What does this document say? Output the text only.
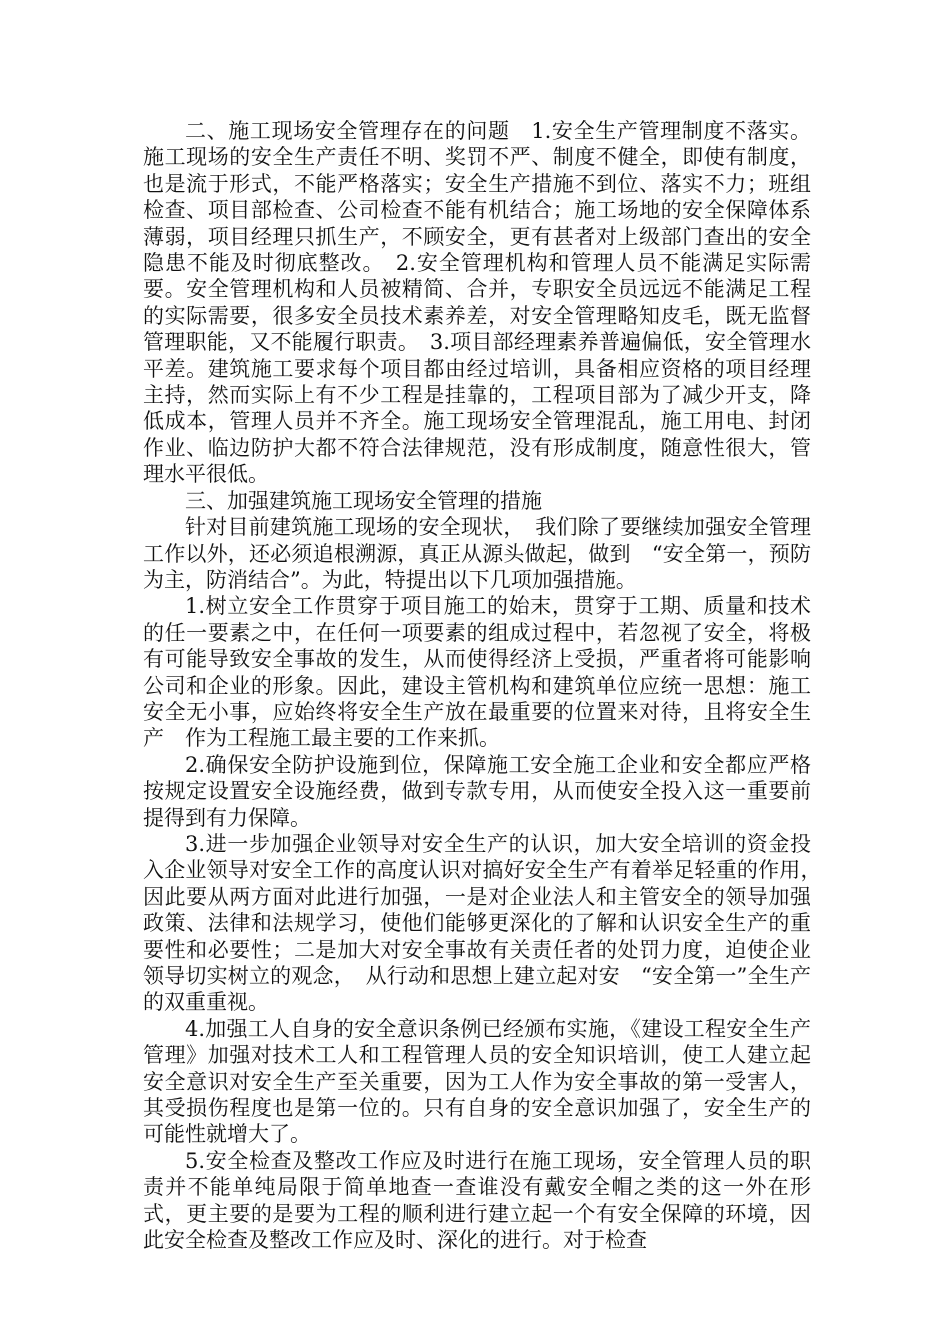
二、施工现场安全管理存在的问题　1.安全生产管理制度不落实。施工现场的安全生产责任不明、奖罚不严、制度不健全，即使有制度，也是流于形式，不能严格落实；安全生产措施不到位、落实不力；班组检查、项目部检查、公司检查不能有机结合；施工场地的安全保障体系薄弱，项目经理只抓生产，不顾安全，更有甚者对上级部门查出的安全隐患不能及时彻底整改。　2.安全管理机构和管理人员不能满足实际需要。安全管理机构和人员被精简、合并，专职安全员远远不能满足工程的实际需要，很多安全员技术素养差，对安全管理略知皮毛，既无监督管理职能，又不能履行职责。　3.项目部经理素养普遍偏低，安全管理水平差。建筑施工要求每个项目都由经过培训，具备相应资格的项目经理主持，然而实际上有不少工程是挂靠的，工程项目部为了减少开支，降低成本，管理人员并不齐全。施工现场安全管理混乱，施工用电、封闭作业、临边防护大都不符合法律规范，没有形成制度，随意性很大，管理水平很低。

三、加强建筑施工现场安全管理的措施

针对目前建筑施工现场的安全现状，　我们除了要继续加强安全管理工作以外，还必须追根溯源，真正从源头做起，做到　“安全第一，预防为主，防消结合”。为此，特提出以下几项加强措施。

1.树立安全工作贯穿于项目施工的始末，贯穿于工期、质量和技术的任一要素之中，在任何一项要素的组成过程中，若忽视了安全，将极有可能导致安全事故的发生，从而使得经济上受损，严重者将可能影响公司和企业的形象。因此，建设主管机构和建筑单位应统一思想：施工安全无小事，应始终将安全生产放在最重要的位置来对待，且将安全生产　作为工程施工最主要的工作来抓。

2.确保安全防护设施到位，保障施工安全施工企业和安全都应严格按规定设置安全设施经费，做到专款专用，从而使安全投入这一重要前提得到有力保障。

3.进一步加强企业领导对安全生产的认识，加大安全培训的资金投入企业领导对安全工作的高度认识对搞好安全生产有着举足轻重的作用，　因此要从两方面对此进行加强，一是对企业法人和主管安全的领导加强政策、法律和法规学习，使他们能够更深化的了解和认识安全生产的重要性和必要性；二是加大对安全事故有关责任者的处罚力度，迫使企业领导切实树立的观念，　从行动和思想上建立起对安　“安全第一”全生产的双重重视。

4.加强工人自身的安全意识条例已经颁布实施，《建设工程安全生产管理》加强对技术工人和工程管理人员的安全知识培训，使工人建立起安全意识对安全生产至关重要，因为工人作为安全事故的第一受害人，其受损伤程度也是第一位的。只有自身的安全意识加强了，安全生产的可能性就增大了。

5.安全检查及整改工作应及时进行在施工现场，安全管理人员的职责并不能单纯局限于简单地查一查谁没有戴安全帽之类的这一外在形式，更主要的是要为工程的顺利进行建立起一个有安全保障的环境，因此安全检查及整改工作应及时、深化的进行。对于检查
